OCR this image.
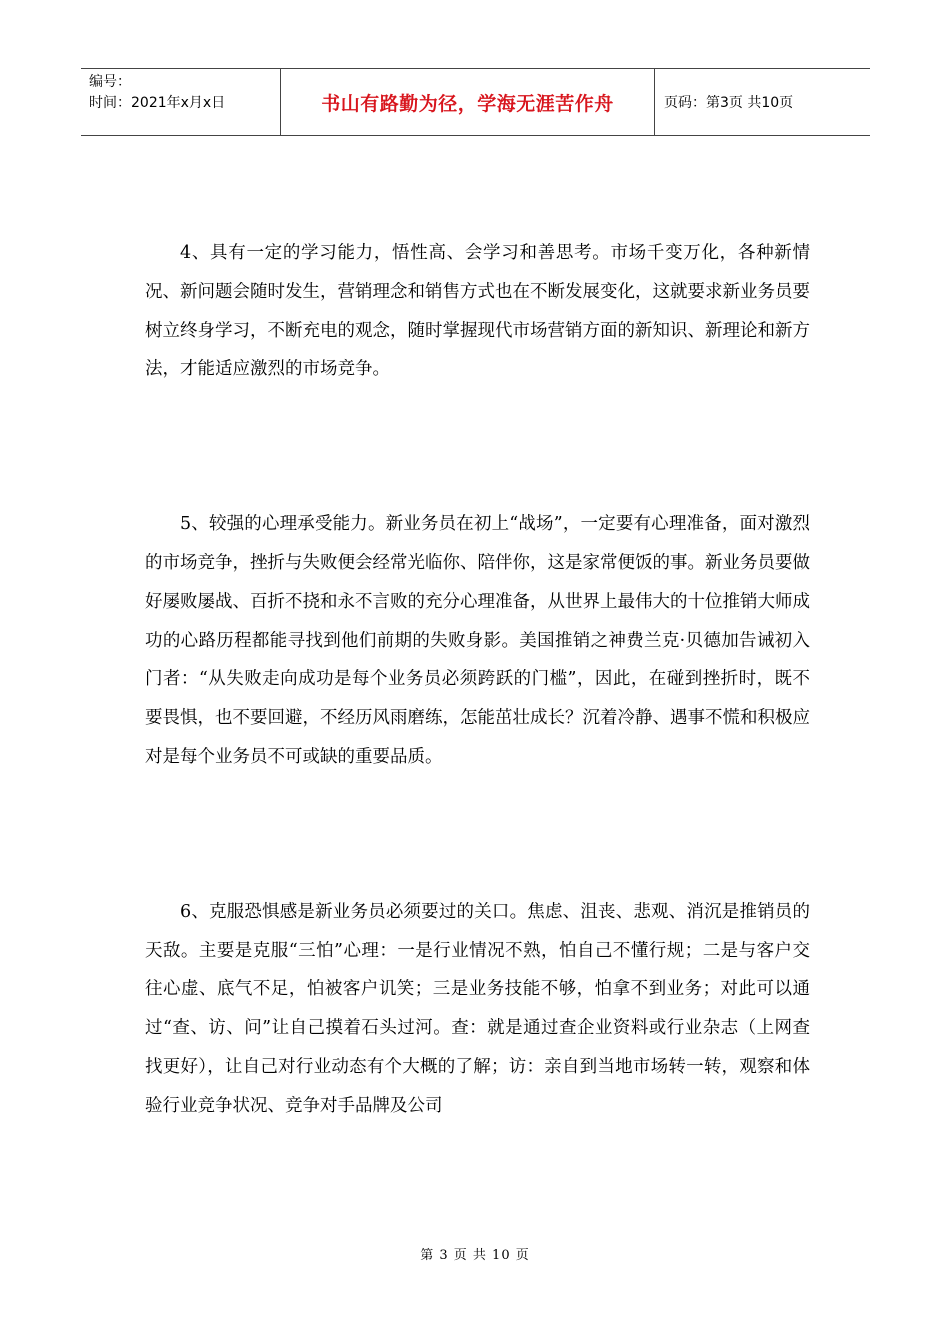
编号：
时间：2021年x月x日	书山有路勤为径，学海无涯苦作舟	页码：第3页 共10页

4、具有一定的学习能力，悟性高、会学习和善思考。市场千变万化，各种新情况、新问题会随时发生，营销理念和销售方式也在不断发展变化，这就要求新业务员要树立终身学习，不断充电的观念，随时掌握现代市场营销方面的新知识、新理论和新方法，才能适应激烈的市场竞争。

5、较强的心理承受能力。新业务员在初上“战场”，一定要有心理准备，面对激烈的市场竞争，挫折与失败便会经常光临你、陪伴你，这是家常便饭的事。新业务员要做好屡败屡战、百折不挠和永不言败的充分心理准备，从世界上最伟大的十位推销大师成功的心路历程都能寻找到他们前期的失败身影。美国推销之神费兰克·贝德加告诫初入门者：“从失败走向成功是每个业务员必须跨跃的门槛”，因此，在碰到挫折时，既不要畏惧，也不要回避，不经历风雨磨练，怎能茁壮成长？沉着冷静、遇事不慌和积极应对是每个业务员不可或缺的重要品质。

6、克服恐惧感是新业务员必须要过的关口。焦虑、沮丧、悲观、消沉是推销员的天敌。主要是克服“三怕”心理：一是行业情况不熟，怕自己不懂行规；二是与客户交往心虚、底气不足，怕被客户讥笑；三是业务技能不够，怕拿不到业务；对此可以通过“查、访、问”让自己摸着石头过河。查：就是通过查企业资料或行业杂志（上网查找更好），让自己对行业动态有个大概的了解；访：亲自到当地市场转一转，观察和体验行业竞争状况、竞争对手品牌及公司

第 3 页 共 10 页
